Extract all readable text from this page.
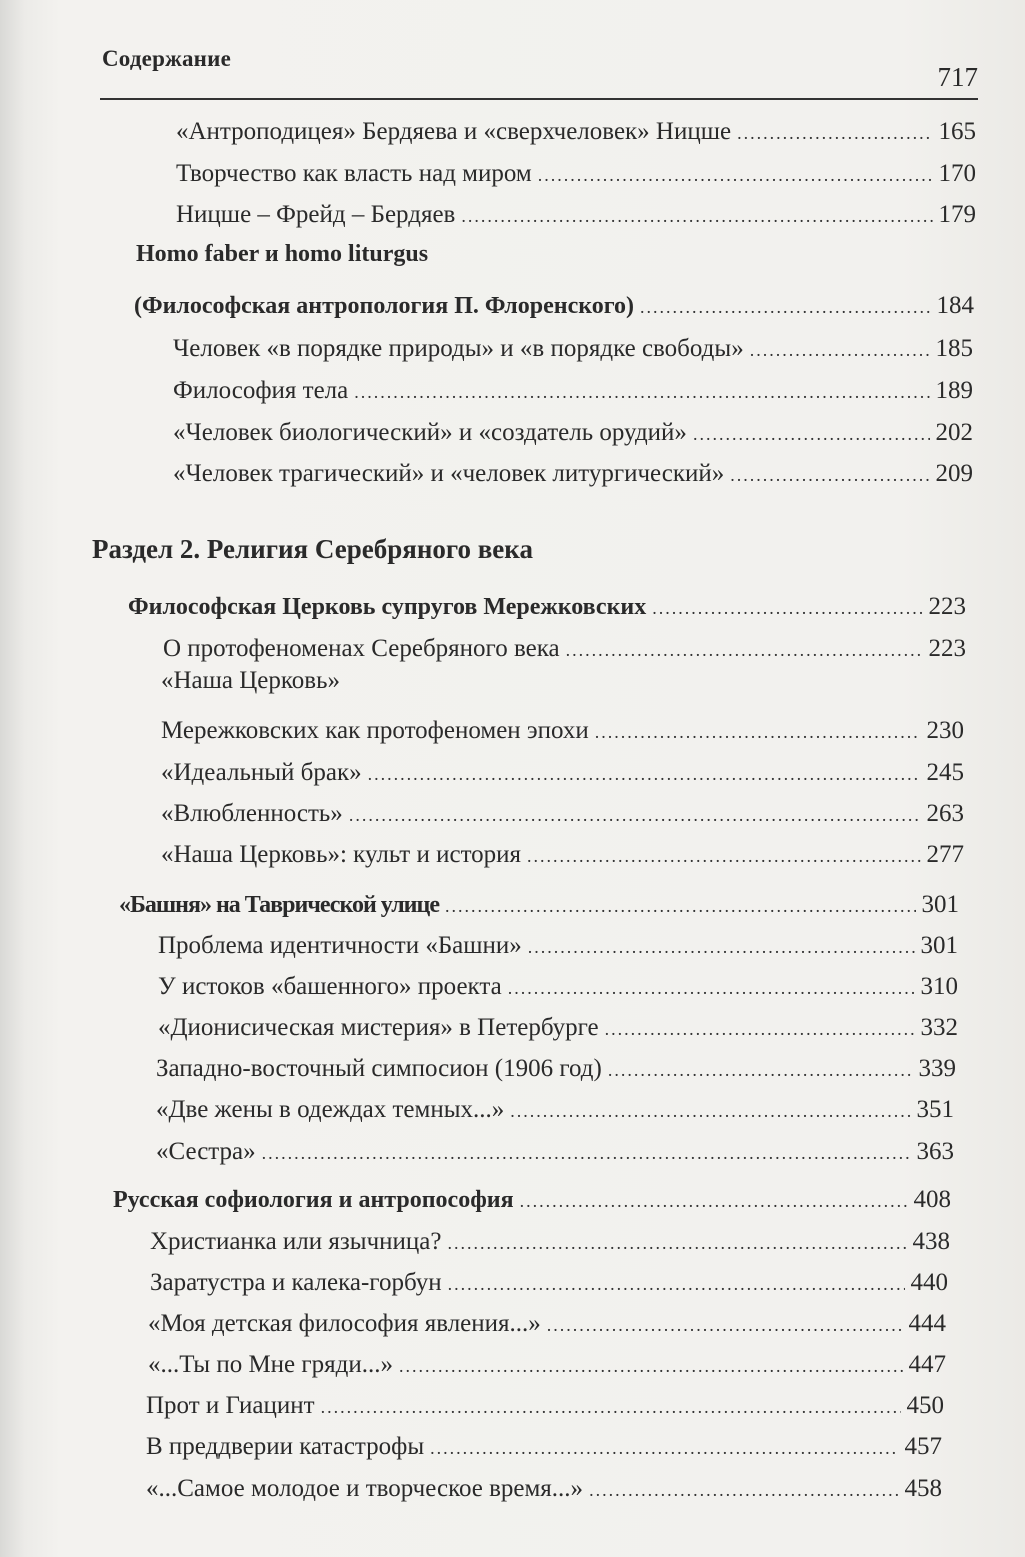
Содержание
717
«Антроподицея» Бердяева и «сверхчеловек» Ницше .....	165
Творчество как власть над миром .....	170
Ницше – Фрейд – Бердяев .....	179
Homo faber и homo liturgus
(Философская антропология П. Флоренского) .....	184
Человек «в порядке природы» и «в порядке свободы» .....	185
Философия тела .....	189
«Человек биологический» и «создатель орудий» .....	202
«Человек трагический» и «человек литургический» .....	209
Раздел 2. Религия Серебряного века
Философская Церковь супругов Мережковских .....	223
О протофеноменах Серебряного века .....	223
«Наша Церковь»
Мережковских как протофеномен эпохи .....	230
«Идеальный брак» .....	245
«Влюбленность» .....	263
«Наша Церковь»: культ и история .....	277
«Башня» на Таврической улице .....	301
Проблема идентичности «Башни» .....	301
У истоков «башенного» проекта .....	310
«Дионисическая мистерия» в Петербурге .....	332
Западно-восточный симпосион (1906 год) .....	339
«Две жены в одеждах темных...» .....	351
«Сестра» .....	363
Русская софиология и антропософия .....	408
Христианка или язычница? .....	438
Заратустра и калека-горбун .....	440
«Моя детская философия явления...» .....	444
«...Ты по Мне гряди...» .....	447
Прот и Гиацинт .....	450
В преддверии катастрофы .....	457
«...Самое молодое и творческое время...» .....	458
